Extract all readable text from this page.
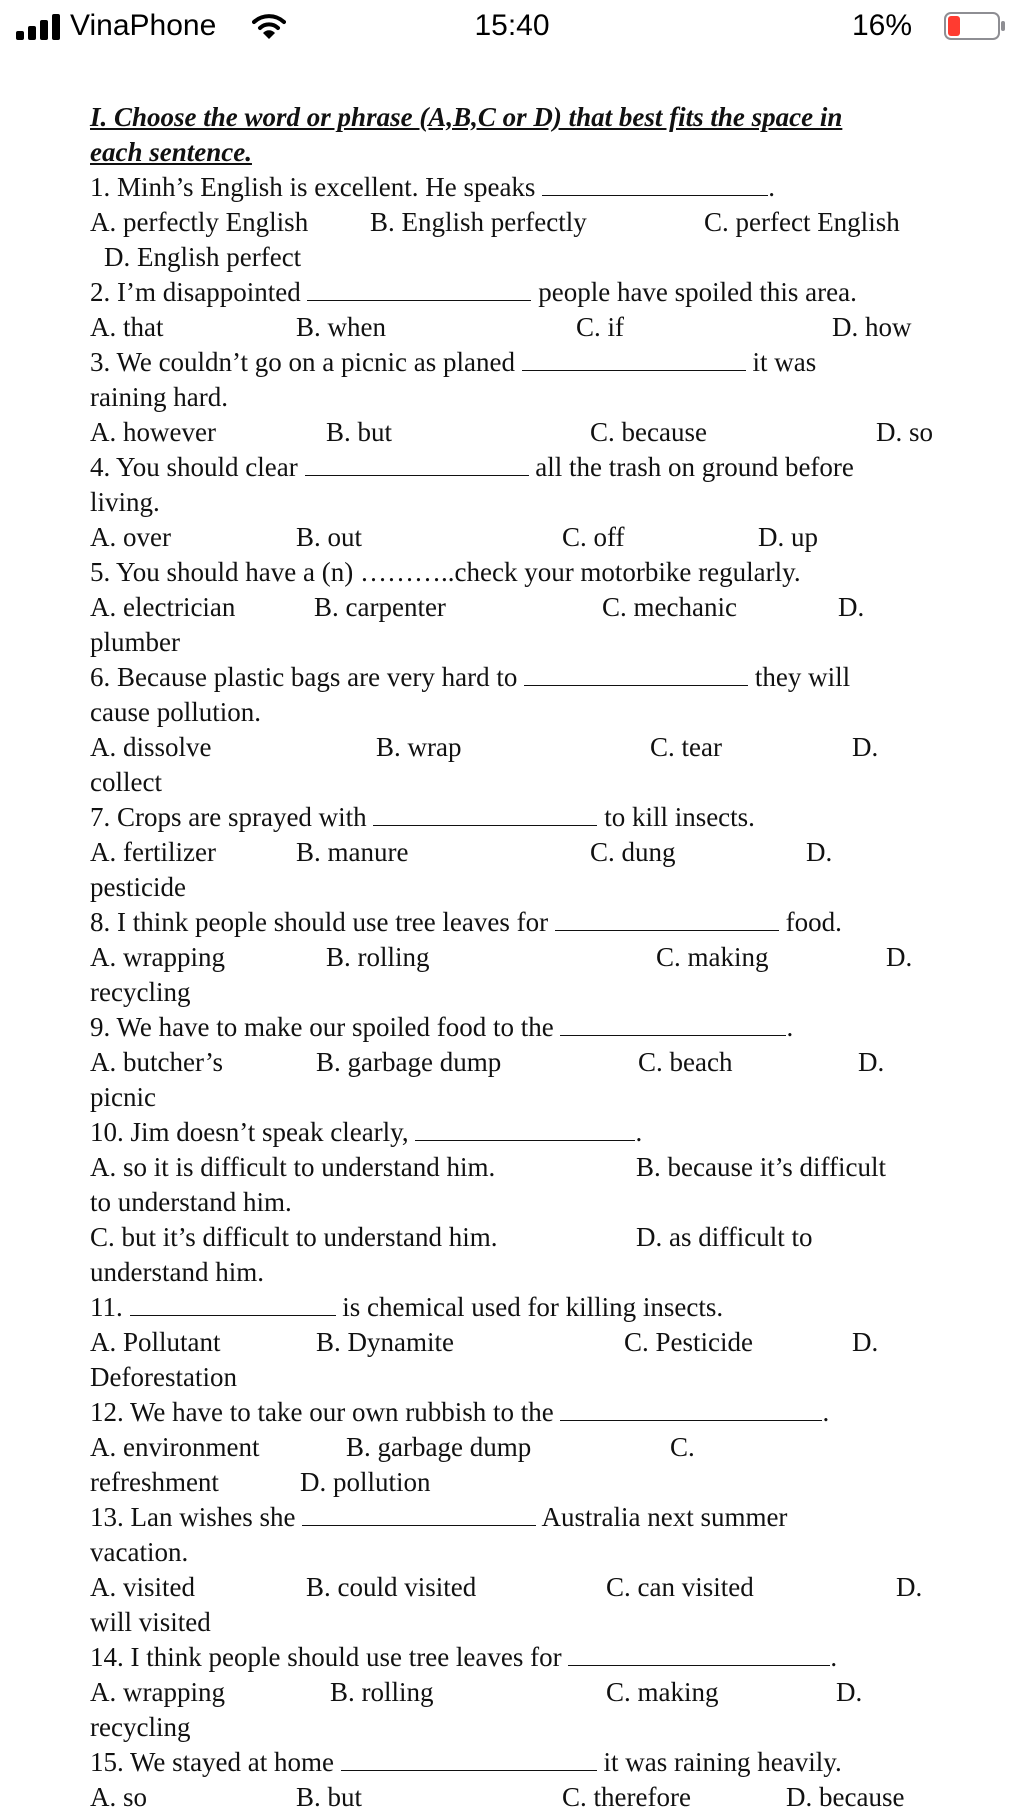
VinaPhone	15:40	16%
I. Choose the word or phrase (A,B,C or D) that best fits the space in
each sentence.
1. Minh’s English is excellent. He speaks	.
A. perfectly English B. English perfectly	C. perfect English
D. English perfect
2. I’m disappointed	people have spoiled this area.
A. that	B. when	C. if	D. how
3. We couldn’t go on a picnic as planed	it was
raining hard.
A. however	B. but	C. because	D. so
4. You should clear	all the trash on ground before
living.
A. over	B. out	C. off	D. up
5. You should have a (n) ………..check your motorbike regularly.
A. electrician	B. carpenter	C. mechanic	D.
plumber
6. Because plastic bags are very hard to	they will
cause pollution.
A. dissolve	B. wrap	C. tear	D.
collect
7. Crops are sprayed with	to kill insects.
A. fertilizer	B. manure	C. dung	D.
pesticide
8. I think people should use tree leaves for	food.
A. wrapping	B. rolling	C. making	D.
recycling
9. We have to make our spoiled food to the	.
A. butcher’s	B. garbage dump	C. beach	D.
picnic
10. Jim doesn’t speak clearly,	.
A. so it is difficult to understand him.	B. because it’s difficult
to understand him.
C. but it’s difficult to understand him.	D. as difficult to
understand him.
11.	is chemical used for killing insects.
A. Pollutant	B. Dynamite	C. Pesticide	D.
Deforestation
12. We have to take our own rubbish to the	.
A. environment	B. garbage dump	C.
refreshment	D. pollution
13. Lan wishes she	Australia next summer
vacation.
A. visited	B. could visited	C. can visited	D.
will visited
14. I think people should use tree leaves for	.
A. wrapping	B. rolling	C. making	D.
recycling
15. We stayed at home	it was raining heavily.
A. so	B. but	C. therefore	D. because
